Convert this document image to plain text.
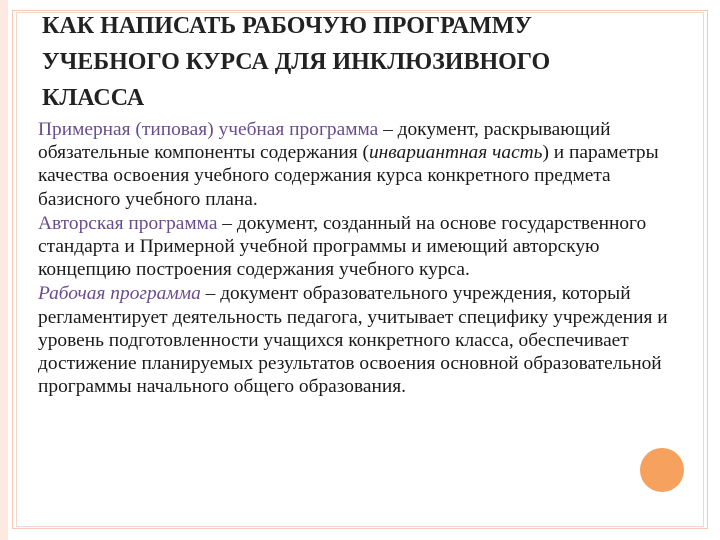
КАК НАПИСАТЬ РАБОЧУЮ ПРОГРАММУ
УЧЕБНОГО КУРСА ДЛЯ ИНКЛЮЗИВНОГО
КЛАССА

Примерная (типовая) учебная программа – документ, раскрывающий обязательные компоненты содержания (инвариантная часть) и параметры качества освоения учебного содержания курса конкретного предмета базисного учебного плана.

Авторская программа – документ, созданный на основе государственного стандарта и Примерной учебной программы и имеющий авторскую концепцию построения содержания учебного курса.

Рабочая программа – документ образовательного учреждения, который регламентирует деятельность педагога, учитывает специфику учреждения и уровень подготовленности учащихся конкретного класса, обеспечивает достижение планируемых результатов освоения основной образовательной программы начального общего образования.
